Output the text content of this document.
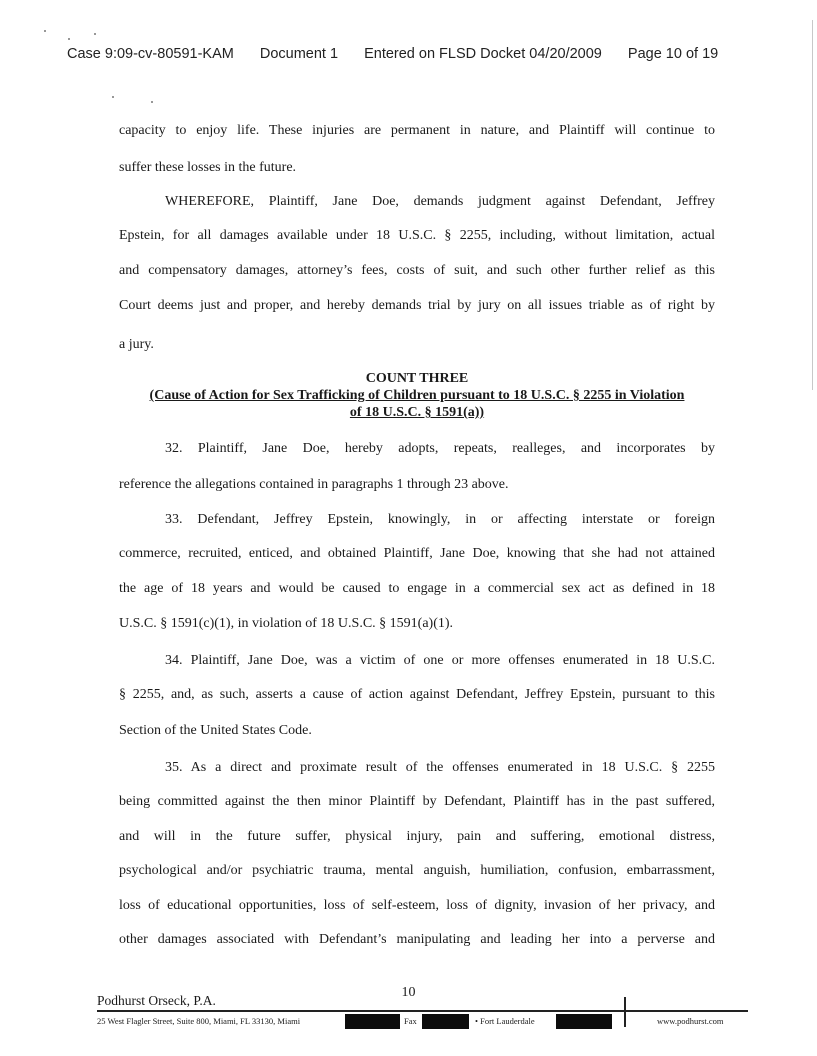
Case 9:09-cv-80591-KAM Document 1 Entered on FLSD Docket 04/20/2009 Page 10 of 19
capacity to enjoy life. These injuries are permanent in nature, and Plaintiff will continue to
suffer these losses in the future.
WHEREFORE, Plaintiff, Jane Doe, demands judgment against Defendant, Jeffrey
Epstein, for all damages available under 18 U.S.C. § 2255, including, without limitation, actual
and compensatory damages, attorney’s fees, costs of suit, and such other further relief as this
Court deems just and proper, and hereby demands trial by jury on all issues triable as of right by
a jury.
COUNT THREE
(Cause of Action for Sex Trafficking of Children pursuant to 18 U.S.C. § 2255 in Violation
of 18 U.S.C. § 1591(a))
32. Plaintiff, Jane Doe, hereby adopts, repeats, realleges, and incorporates by
reference the allegations contained in paragraphs 1 through 23 above.
33. Defendant, Jeffrey Epstein, knowingly, in or affecting interstate or foreign
commerce, recruited, enticed, and obtained Plaintiff, Jane Doe, knowing that she had not attained
the age of 18 years and would be caused to engage in a commercial sex act as defined in 18
U.S.C. § 1591(c)(1), in violation of 18 U.S.C. § 1591(a)(1).
34. Plaintiff, Jane Doe, was a victim of one or more offenses enumerated in 18 U.S.C.
§ 2255, and, as such, asserts a cause of action against Defendant, Jeffrey Epstein, pursuant to this
Section of the United States Code.
35. As a direct and proximate result of the offenses enumerated in 18 U.S.C. § 2255
being committed against the then minor Plaintiff by Defendant, Plaintiff has in the past suffered,
and will in the future suffer, physical injury, pain and suffering, emotional distress,
psychological and/or psychiatric trauma, mental anguish, humiliation, confusion, embarrassment,
loss of educational opportunities, loss of self-esteem, loss of dignity, invasion of her privacy, and
other damages associated with Defendant’s manipulating and leading her into a perverse and
10
Podhurst Orseck, P.A.
25 West Flagler Street, Suite 800, Miami, FL 33130, Miami	Fax	• Fort Lauderdale	www.podhurst.com
